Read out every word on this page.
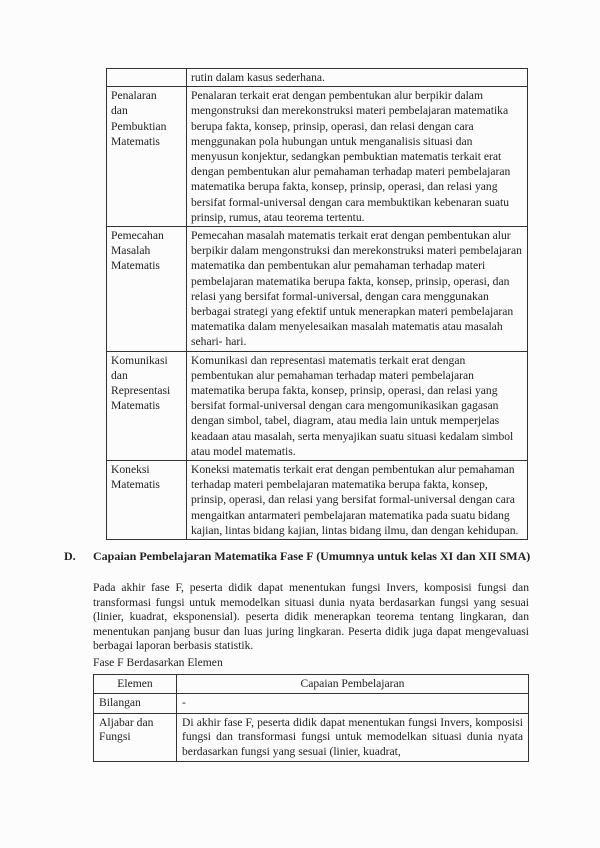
	rutin dalam kasus sederhana.

Penalaran
dan
Pembuktian
Matematis
	Penalaran terkait erat dengan pembentukan alur berpikir dalam mengonstruksi dan merekonstruksi materi pembelajaran matematika berupa fakta, konsep, prinsip, operasi, dan relasi dengan cara menggunakan pola hubungan untuk menganalisis situasi dan menyusun konjektur, sedangkan pembuktian matematis terkait erat dengan pembentukan alur pemahaman terhadap materi pembelajaran matematika berupa fakta, konsep, prinsip, operasi, dan relasi yang bersifat formal-universal dengan cara membuktikan kebenaran suatu prinsip, rumus, atau teorema tertentu.

Pemecahan
Masalah
Matematis
	Pemecahan masalah matematis terkait erat dengan pembentukan alur berpikir dalam mengonstruksi dan merekonstruksi materi pembelajaran matematika dan pembentukan alur pemahaman terhadap materi pembelajaran matematika berupa fakta, konsep, prinsip, operasi, dan relasi yang bersifat formal-universal, dengan cara menggunakan berbagai strategi yang efektif untuk menerapkan materi pembelajaran matematika dalam menyelesaikan masalah matematis atau masalah sehari- hari.

Komunikasi
dan
Representasi
Matematis
	Komunikasi dan representasi matematis terkait erat dengan pembentukan alur pemahaman terhadap materi pembelajaran matematika berupa fakta, konsep, prinsip, operasi, dan relasi yang bersifat formal-universal dengan cara mengomunikasikan gagasan dengan simbol, tabel, diagram, atau media lain untuk memperjelas keadaan atau masalah, serta menyajikan suatu situasi kedalam simbol atau model matematis.

Koneksi
Matematis	Koneksi matematis terkait erat dengan pembentukan alur pemahaman terhadap materi pembelajaran matematika berupa fakta, konsep, prinsip, operasi, dan relasi yang bersifat formal-universal dengan cara mengaitkan antarmateri pembelajaran matematika pada suatu bidang kajian, lintas bidang kajian, lintas bidang ilmu, dan dengan kehidupan.
D. Capaian Pembelajaran Matematika Fase F (Umumnya untuk kelas XI dan XII SMA)
Pada akhir fase F, peserta didik dapat menentukan fungsi Invers, komposisi fungsi dan transformasi fungsi untuk memodelkan situasi dunia nyata berdasarkan fungsi yang sesuai (linier, kuadrat, eksponensial). peserta didik menerapkan teorema tentang lingkaran, dan menentukan panjang busur dan luas juring lingkaran. Peserta didik juga dapat mengevaluasi berbagai laporan berbasis statistik.
Fase F Berdasarkan Elemen
Elemen	Capaian Pembelajaran
Bilangan	-

Aljabar dan
Fungsi	Di akhir fase F, peserta didik dapat menentukan fungsi Invers, komposisi fungsi dan transformasi fungsi untuk memodelkan situasi dunia nyata berdasarkan fungsi yang sesuai (linier, kuadrat,
